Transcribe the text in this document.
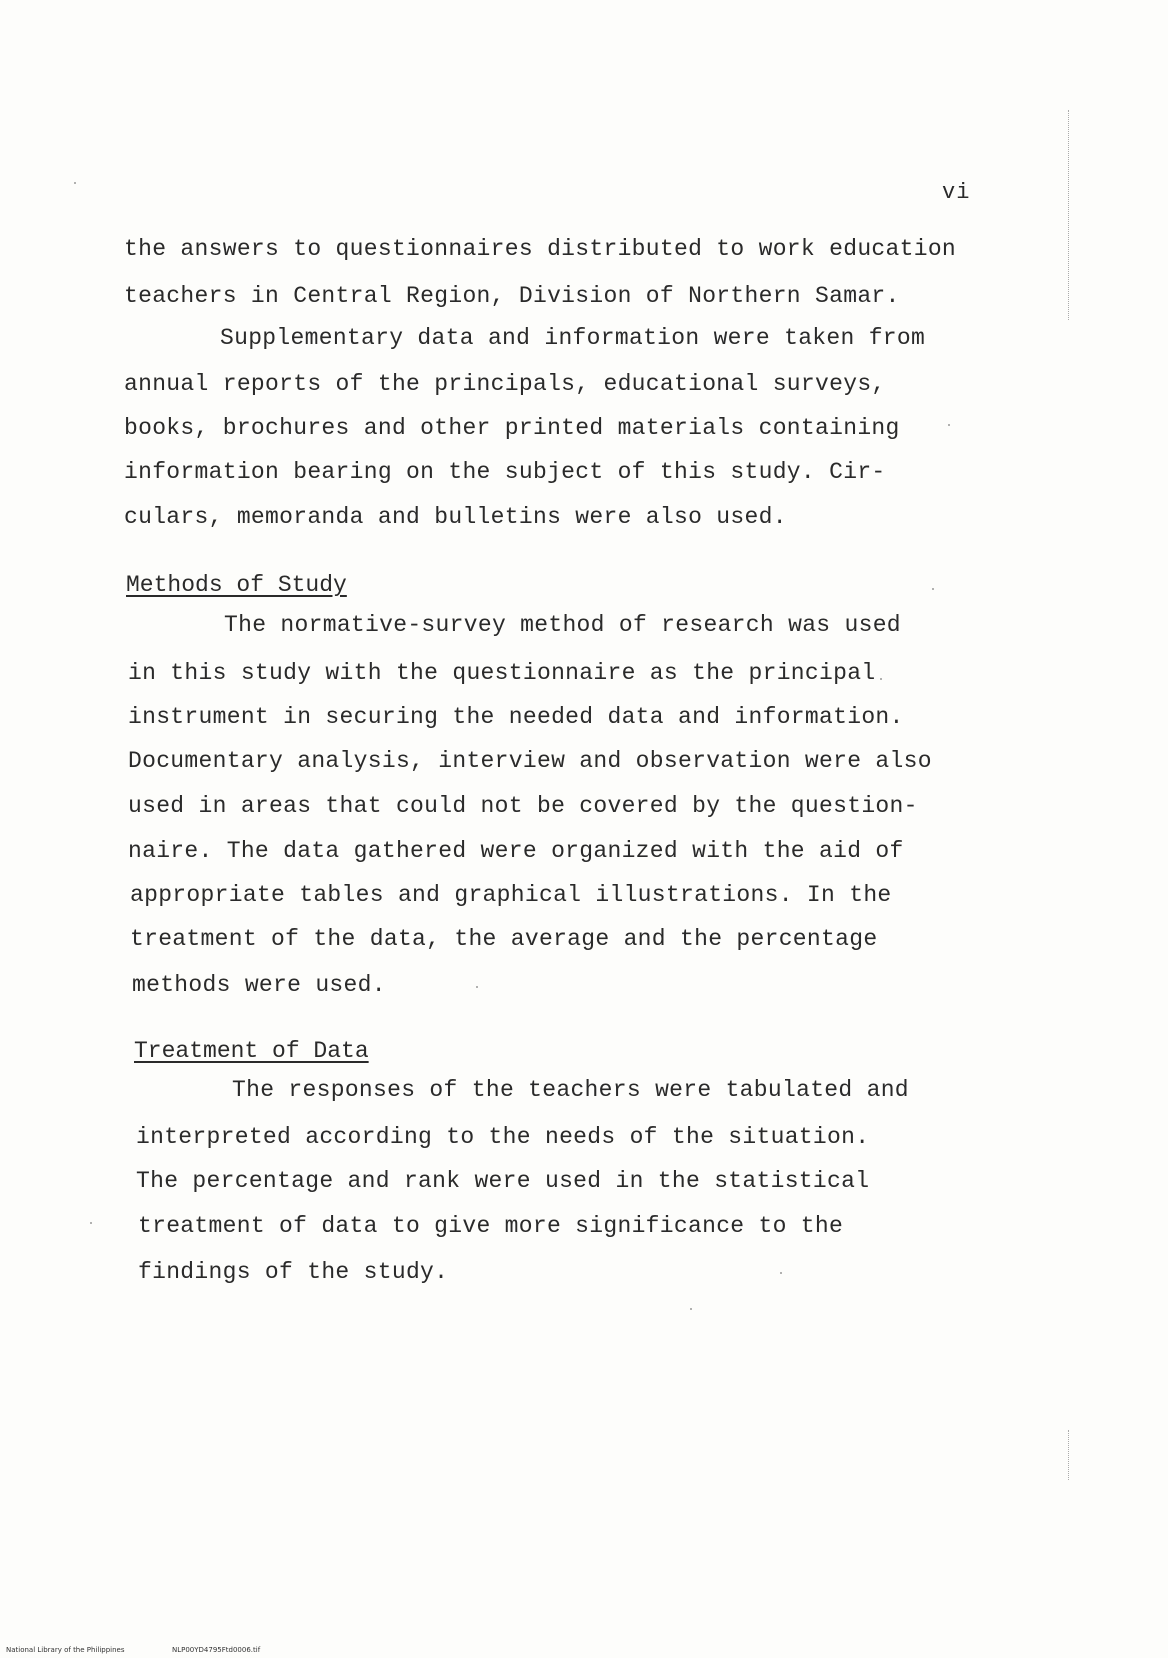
vi
the answers to questionnaires distributed to work education
teachers in Central Region, Division of Northern Samar.
Supplementary data and information were taken from
annual reports of the principals, educational surveys,
books, brochures and other printed materials containing
information bearing on the subject of this study. Cir-
culars, memoranda and bulletins were also used.
Methods of Study
The normative-survey method of research was used
in this study with the questionnaire as the principal
instrument in securing the needed data and information.
Documentary analysis, interview and observation were also
used in areas that could not be covered by the question-
naire. The data gathered were organized with the aid of
appropriate tables and graphical illustrations. In the
treatment of the data, the average and the percentage
methods were used.
Treatment of Data
The responses of the teachers were tabulated and
interpreted according to the needs of the situation.
The percentage and rank were used in the statistical
treatment of data to give more significance to the
findings of the study.
National Library of the Philippines	NLP00YD4795Ftd0006.tif
